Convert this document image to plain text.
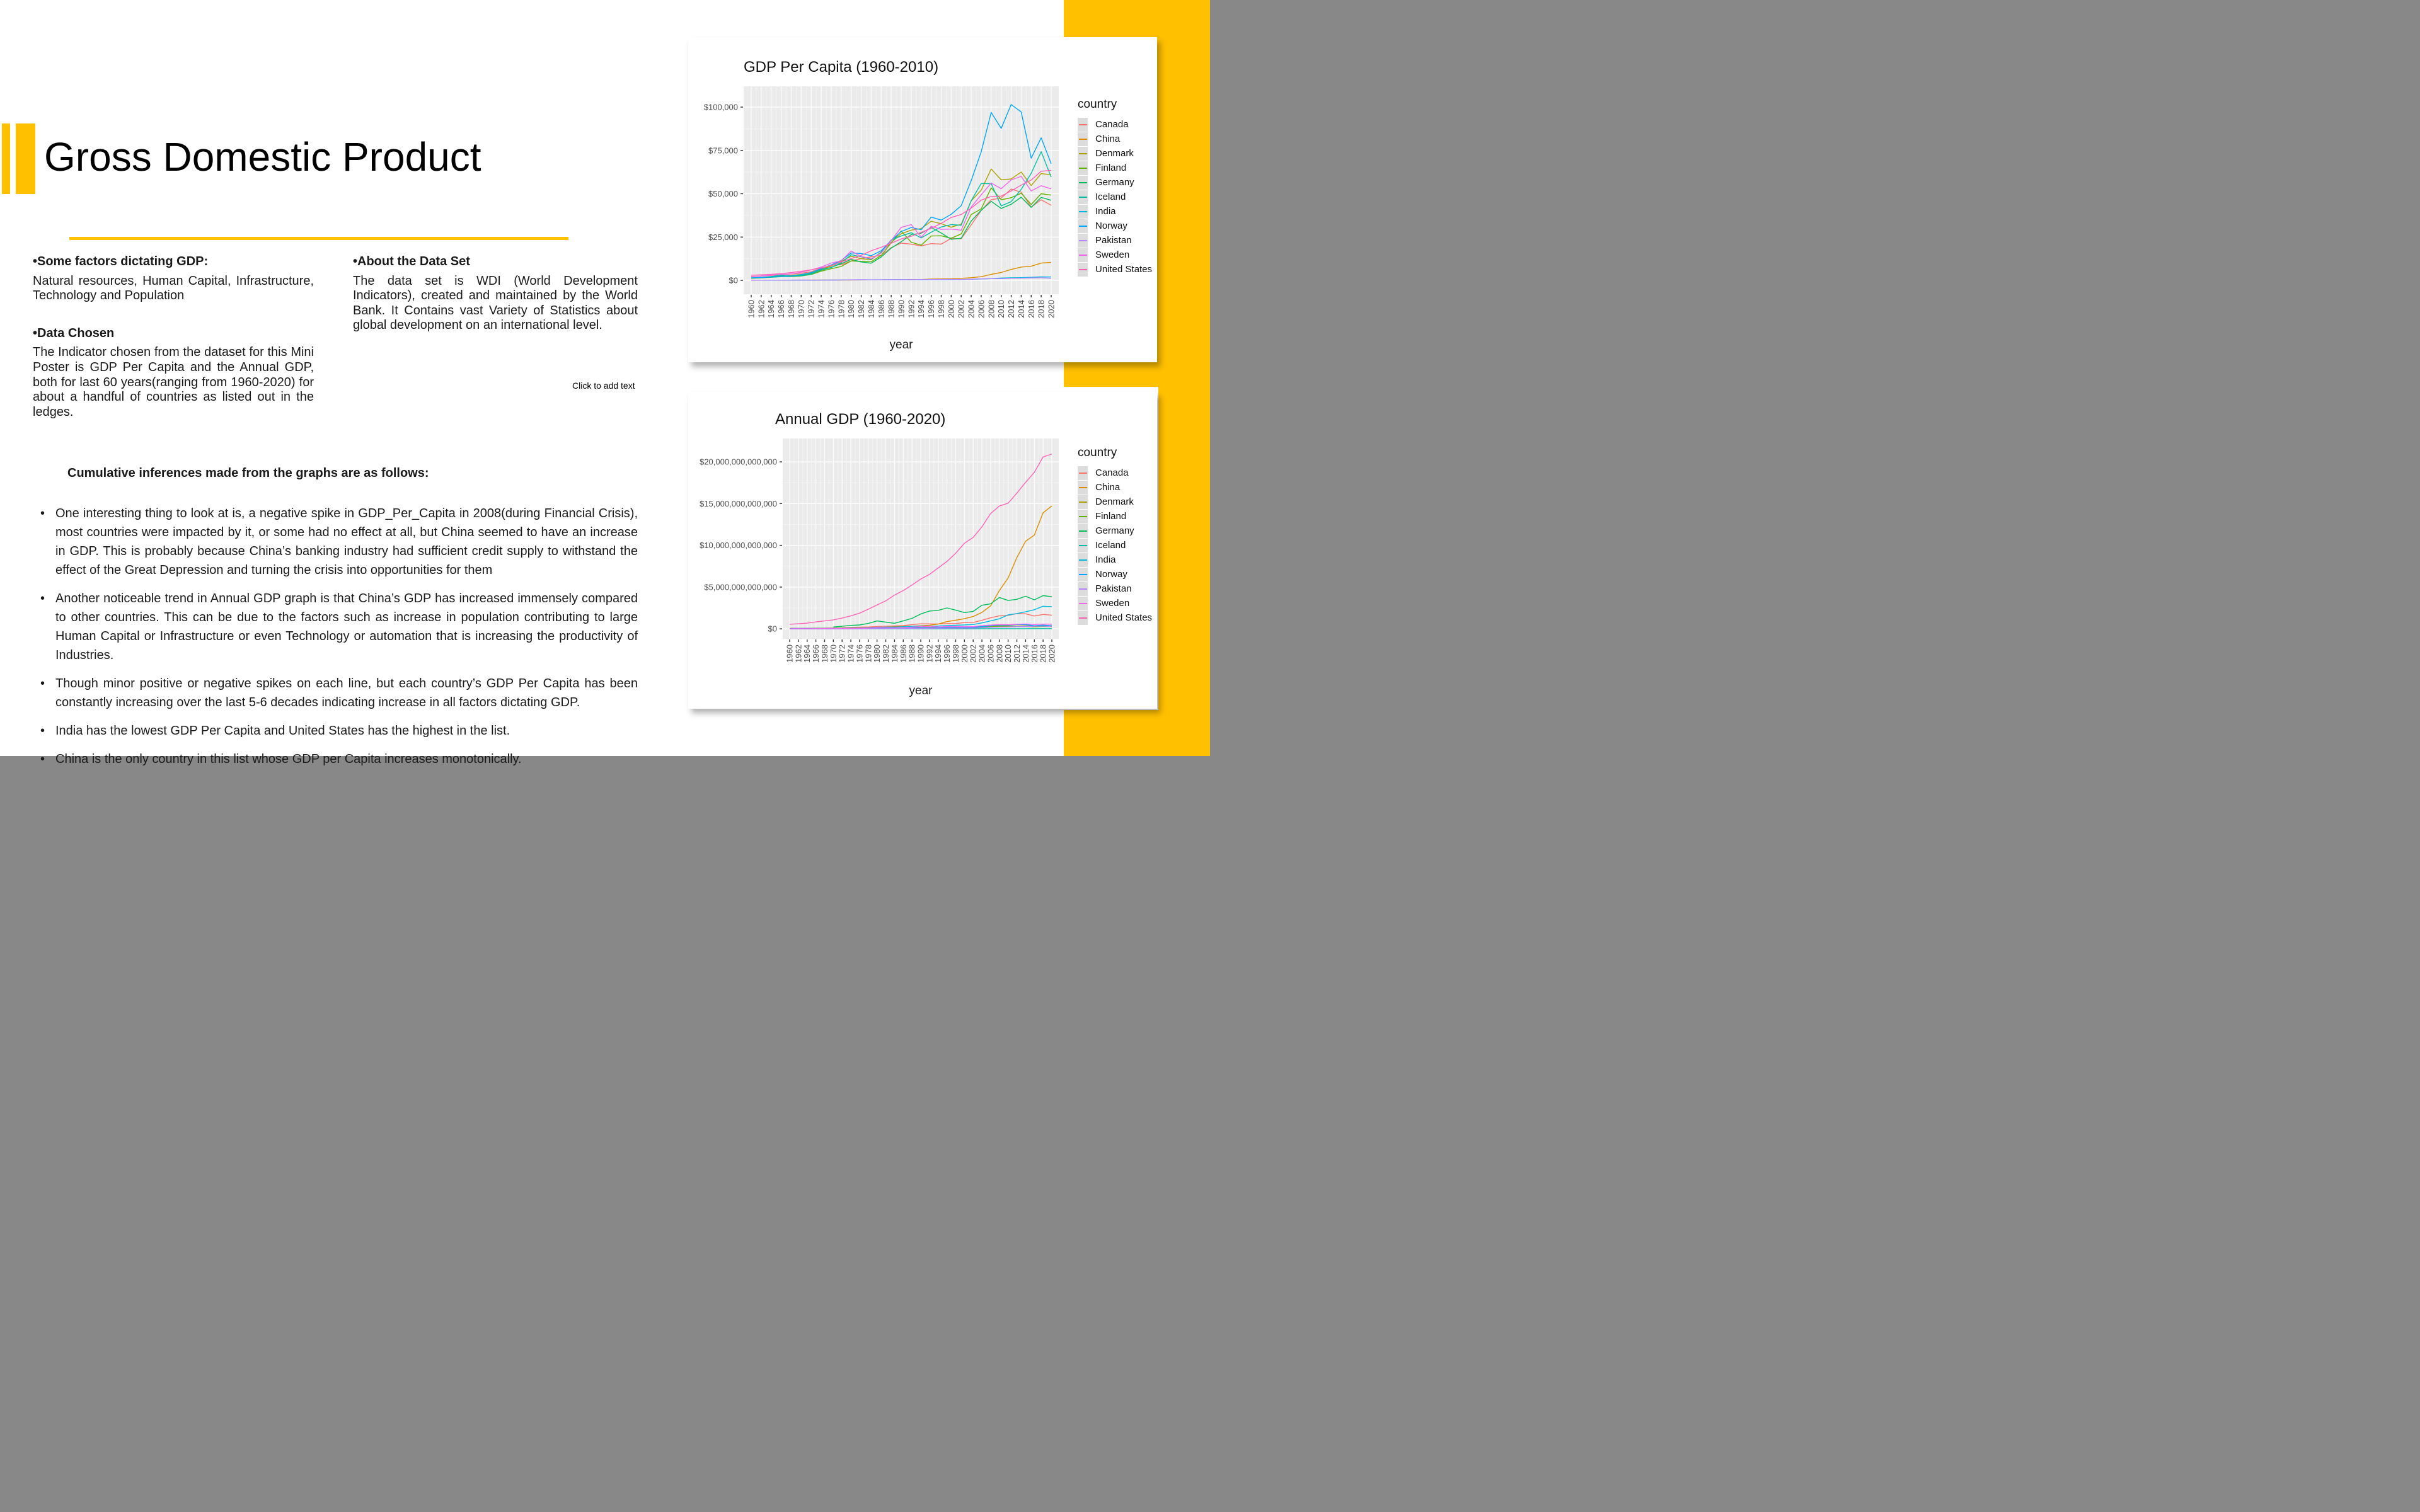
Gross Domestic Product
•Some factors dictating GDP:
Natural resources, Human Capital, Infrastructure, Technology and Population
•Data Chosen
The Indicator chosen from the dataset for this Mini Poster is GDP Per Capita and the Annual GDP, both for last 60 years(ranging from 1960-2020) for about a handful of countries as listed out in the ledges.
•About the Data Set
The data set is WDI (World Development Indicators), created and maintained by the World Bank. It Contains vast Variety of Statistics about global development on an international level.
Click to add text
Cumulative inferences made from the graphs are as follows:
• One interesting thing to look at is, a negative spike in GDP_Per_Capita in 2008(during Financial Crisis), most countries were impacted by it, or some had no effect at all, but China seemed to have an increase in GDP. This is probably because China’s banking industry had sufficient credit supply to withstand the effect of the Great Depression and turning the crisis into opportunities for them
• Another noticeable trend in Annual GDP graph is that China’s GDP has increased immensely compared to other countries. This can be due to the factors such as increase in population contributing to large Human Capital or Infrastructure or even Technology or automation that is increasing the productivity of Industries.
• Though minor positive or negative spikes on each line, but each country’s GDP Per Capita has been constantly increasing over the last 5-6 decades indicating increase in all factors dictating GDP.
• India has the lowest GDP Per Capita and United States has the highest in the list.
• China is the only country in this list whose GDP per Capita increases monotonically.
1960 1962 1964 1966 1968 1970 1972 1974 1976 1978 1980 1982 1984 1986 1988 1990 1992 1994 1996 1998 2000 2002 2004 2006 2008 2010 2012 2014 2016 2018 2020
$0
$25,000
$50,000
$75,000
$100,000
year
GDP Per Capita (1960-2010)
country
Canada
China
Denmark
Finland
Germany
Iceland
India
Norway
Pakistan
Sweden
United States
1960
1962
1964
1966
1968
1970
1972
1974
1976
1978
1980
1982
1984
1986
1988
1990
1992
1994
1996
1998
2000
2002
2004
2006
2008
2010
2012
2014
2016
2018
2020
$0
$5,000,000,000,000
$10,000,000,000,000
$15,000,000,000,000
$20,000,000,000,000
year
Annual GDP (1960-2020)
country
Canada
China
Denmark
Finland
Germany
Iceland
India
Norway
Pakistan
Sweden
United States
